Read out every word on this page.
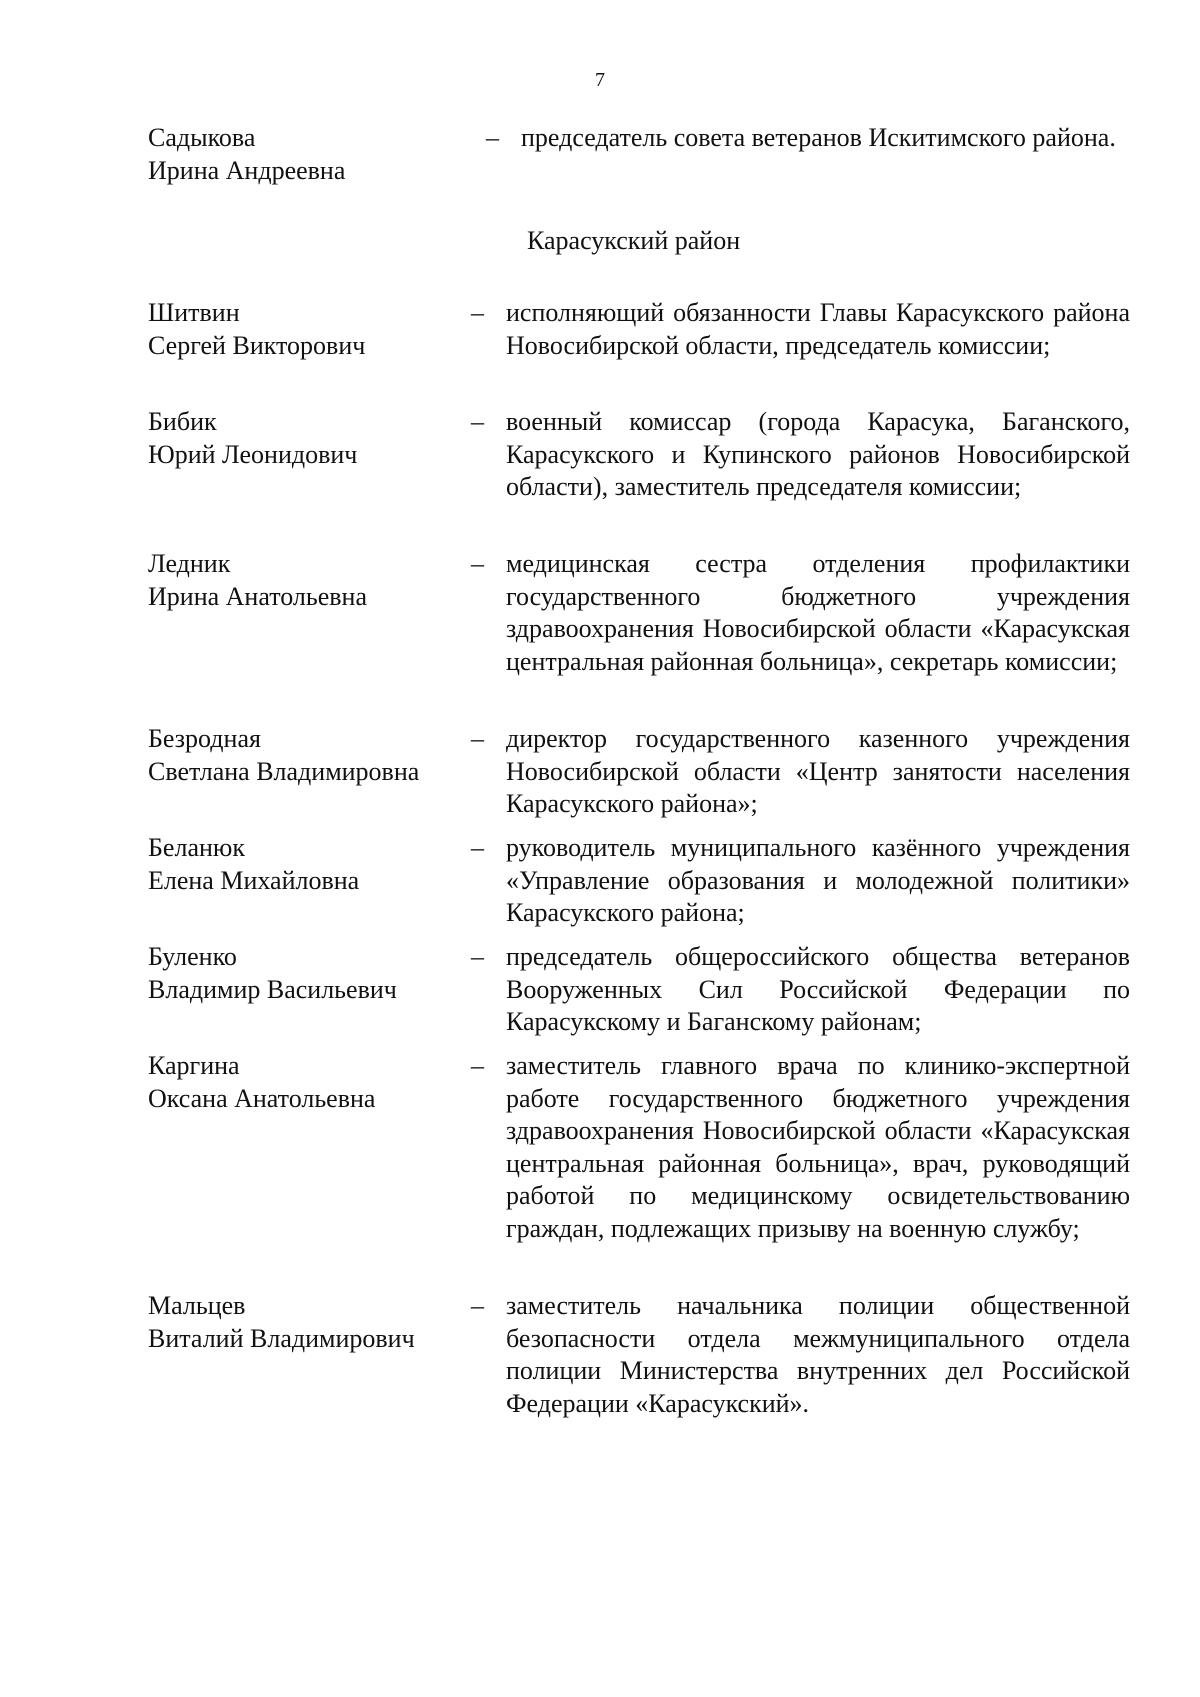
7
Садыкова
Ирина Андреевна
– председатель совета ветеранов Искитимского района.
Карасукский район
Шитвин
Сергей Викторович
– исполняющий обязанности Главы Карасукского района Новосибирской области, председатель комиссии;
Бибик
Юрий Леонидович
– военный комиссар (города Карасука, Баганского, Карасукского и Купинского районов Новосибирской области), заместитель председателя комиссии;
Ледник
Ирина Анатольевна
– медицинская сестра отделения профилактики государственного бюджетного учреждения здравоохранения Новосибирской области «Карасукская центральная районная больница», секретарь комиссии;
Безродная
Светлана Владимировна
– директор государственного казенного учреждения Новосибирской области «Центр занятости населения Карасукского района»;
Беланюк
Елена Михайловна
– руководитель муниципального казённого учреждения «Управление образования и молодежной политики» Карасукского района;
Буленко
Владимир Васильевич
– председатель общероссийского общества ветеранов Вооруженных Сил Российской Федерации по Карасукскому и Баганскому районам;
Каргина
Оксана Анатольевна
– заместитель главного врача по клинико-экспертной работе государственного бюджетного учреждения здравоохранения Новосибирской области «Карасукская центральная районная больница», врач, руководящий работой по медицинскому освидетельствованию граждан, подлежащих призыву на военную службу;
Мальцев
Виталий Владимирович
– заместитель начальника полиции общественной безопасности отдела межмуниципального отдела полиции Министерства внутренних дел Российской Федерации «Карасукский».
